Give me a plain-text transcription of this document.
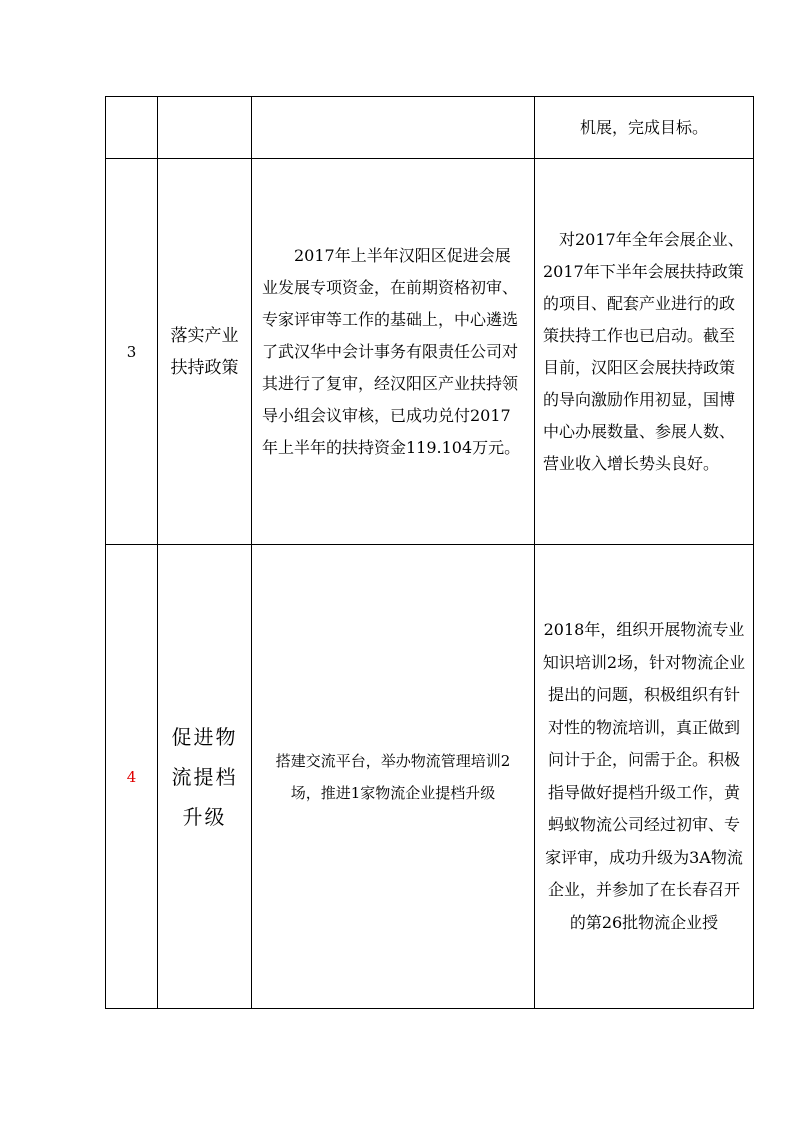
			机展，完成目标。
3	落实产业扶持政策	2017年上半年汉阳区促进会展业发展专项资金，在前期资格初审、专家评审等工作的基础上，中心遴选了武汉华中会计事务有限责任公司对其进行了复审，经汉阳区产业扶持领导小组会议审核，已成功兑付2017年上半年的扶持资金119.104万元。	对2017年全年会展企业、2017年下半年会展扶持政策的项目、配套产业进行的政策扶持工作也已启动。截至目前，汉阳区会展扶持政策的导向激励作用初显，国博中心办展数量、参展人数、营业收入增长势头良好。

4	促进物流提档升级	搭建交流平台，举办物流管理培训2场，推进1家物流企业提档升级	2018年，组织开展物流专业知识培训2场，针对物流企业提出的问题，积极组织有针对性的物流培训，真正做到问计于企，问需于企。积极指导做好提档升级工作，黄蚂蚁物流公司经过初审、专家评审，成功升级为3A物流企业，并参加了在长春召开的第26批物流企业授
